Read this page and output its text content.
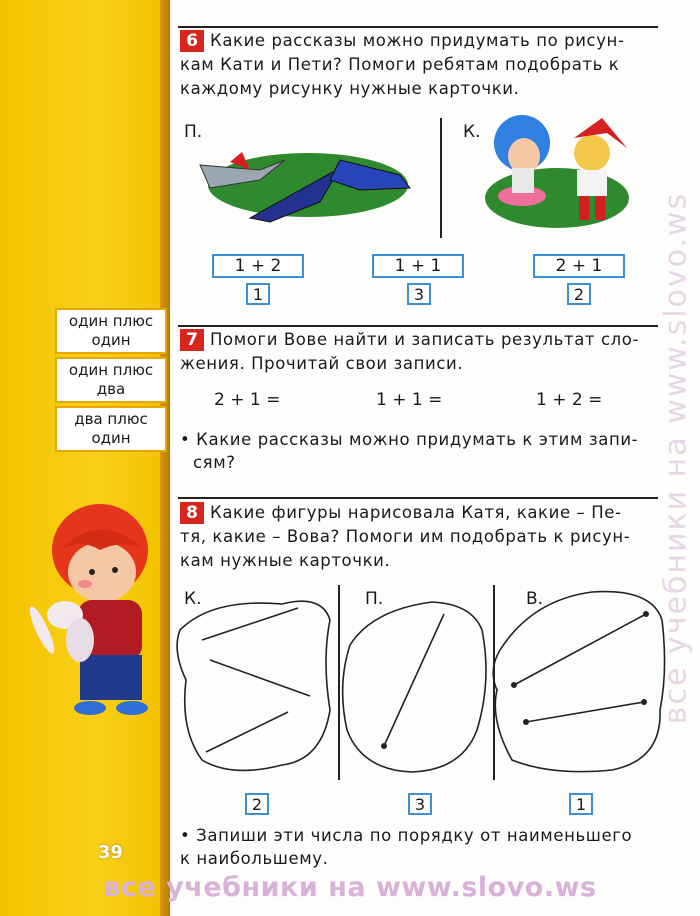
один плюс один
один плюс два
два плюс один
39
6 Какие рассказы можно придумать по рисун-
кам Кати и Пети? Помоги ребятам подобрать к
каждому рисунку нужные карточки.
П.	К.
1 + 2
1
1 + 1
3
2 + 1
2
7 Помоги Вове найти и записать результат сло-
жения. Прочитай свои записи.
2 + 1 =	1 + 1 =	1 + 2 =
• Какие рассказы можно придумать к этим запи-
сям?
8 Какие фигуры нарисовала Катя, какие – Пе-
тя, какие – Вова? Помоги им подобрать к рисун-
кам нужные карточки.
К.	П.	В.
2	3	1
• Запиши эти числа по порядку от наименьшего
к наибольшему.
все учебники на www.slovo.ws
все учебники на www.slovo.ws
